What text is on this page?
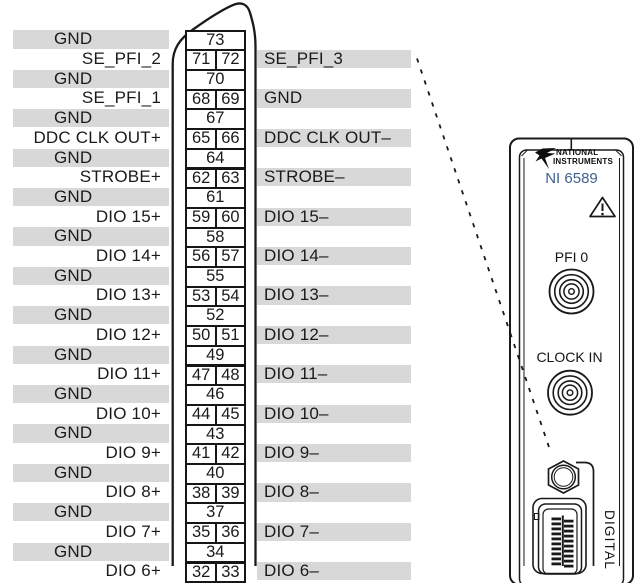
GND
SE_PFI_2
GND
SE_PFI_1
GND
DDC CLK OUT+
GND
STROBE+
GND
DIO 15+
GND
DIO 14+
GND
DIO 13+
GND
DIO 12+
GND
DIO 11+
GND
DIO 10+
GND
DIO 9+
GND
DIO 8+
GND
DIO 7+
GND
DIO 6+
73
71 72
70
68 69
67
65 66
64
62 63
61
59 60
58
56 57
55
53 54
52
50 51
49
47 48
46
44 45
43
41 42
40
38 39
37
35 36
34
32 33
SE_PFI_3
GND
DDC CLK OUT–
STROBE–
DIO 15–
DIO 14–
DIO 13–
DIO 12–
DIO 11–
DIO 10–
DIO 9–
DIO 8–
DIO 7–
DIO 6–
NATIONAL
INSTRUMENTS
NI 6589
PFI 0
CLOCK IN
DIGITAL
